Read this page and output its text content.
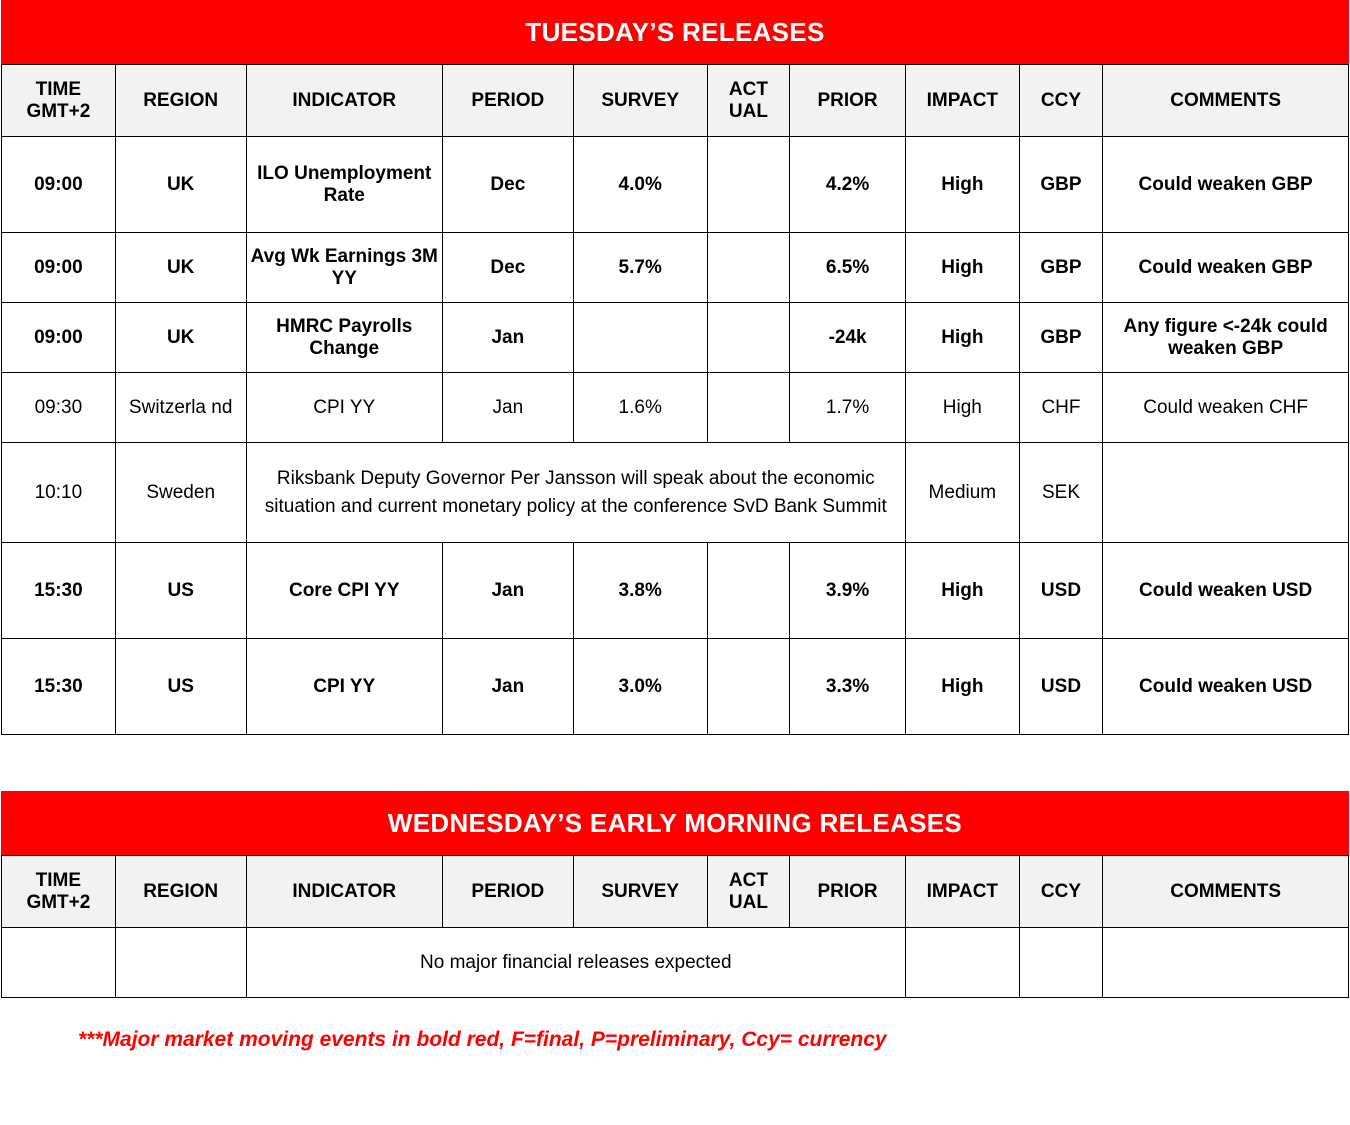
TUESDAY’S RELEASES
TIME GMT+2	REGION	INDICATOR	PERIOD	SURVEY	ACT UAL	PRIOR	IMPACT	CCY	COMMENTS
09:00	UK	ILO Unemployment Rate	Dec	4.0%		4.2%	High	GBP	Could weaken GBP
09:00	UK	Avg Wk Earnings 3M YY	Dec	5.7%		6.5%	High	GBP	Could weaken GBP
09:00	UK	HMRC Payrolls Change	Jan			-24k	High	GBP	Any figure <-24k could weaken GBP
09:30	Switzerla nd	CPI YY	Jan	1.6%		1.7%	High	CHF	Could weaken CHF
10:10	Sweden	Riksbank Deputy Governor Per Jansson will speak about the economic situation and current monetary policy at the conference SvD Bank Summit					Medium	SEK	
15:30	US	Core CPI YY	Jan	3.8%		3.9%	High	USD	Could weaken USD
15:30	US	CPI YY	Jan	3.0%		3.3%	High	USD	Could weaken USD
WEDNESDAY’S EARLY MORNING RELEASES
TIME GMT+2	REGION	INDICATOR	PERIOD	SURVEY	ACT UAL	PRIOR	IMPACT	CCY	COMMENTS
		No major financial releases expected							
***Major market moving events in bold red, F=final, P=preliminary, Ccy= currency
